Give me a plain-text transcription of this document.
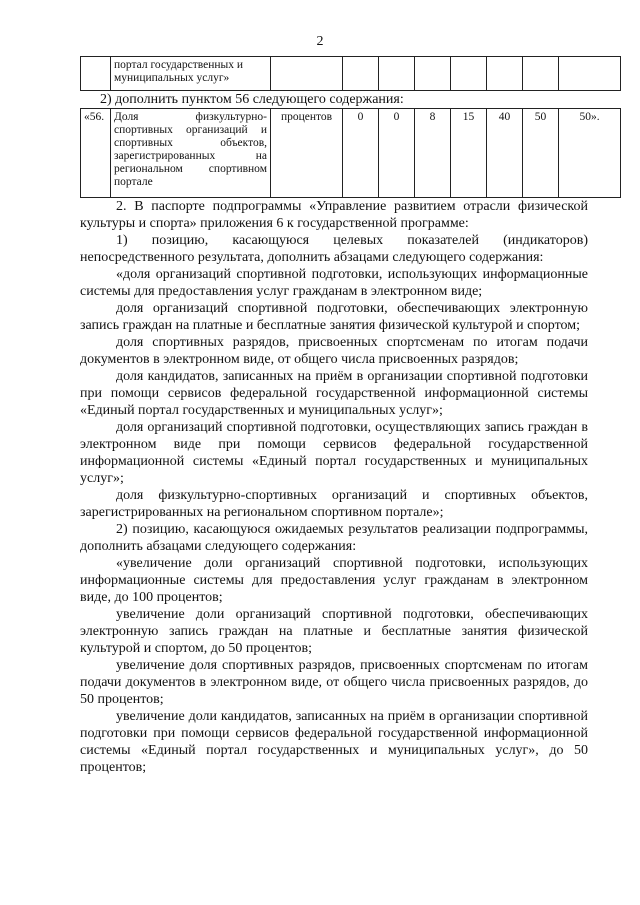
2
	портал государственных и муниципальных услуг»								
2) дополнить пунктом 56 следующего содержания:
«56.	Доля физкультурно-спортивных организаций и спортивных объектов, зарегистрированных на региональном спортивном портале	процентов	0	0	8	15	40	50	50».

2. В паспорте подпрограммы «Управление развитием отрасли физической культуры и спорта» приложения 6 к государственной программе:

1) позицию, касающуюся целевых показателей (индикаторов) непосредственного результата, дополнить абзацами следующего содержания:

«доля организаций спортивной подготовки, использующих информационные системы для предоставления услуг гражданам в электронном виде;

доля организаций спортивной подготовки, обеспечивающих электронную запись граждан на платные и бесплатные занятия физической культурой и спортом;

доля спортивных разрядов, присвоенных спортсменам по итогам подачи документов в электронном виде, от общего числа присвоенных разрядов;

доля кандидатов, записанных на приём в организации спортивной подготовки при помощи сервисов федеральной государственной информационной системы «Единый портал государственных и муниципальных услуг»;

доля организаций спортивной подготовки, осуществляющих запись граждан в электронном виде при помощи сервисов федеральной государственной информационной системы «Единый портал государственных и муниципальных услуг»;

доля физкультурно-спортивных организаций и спортивных объектов, зарегистрированных на региональном спортивном портале»;

2) позицию, касающуюся ожидаемых результатов реализации подпрограммы, дополнить абзацами следующего содержания:

«увеличение доли организаций спортивной подготовки, использующих информационные системы для предоставления услуг гражданам в электронном виде, до 100 процентов;

увеличение доли организаций спортивной подготовки, обеспечивающих электронную запись граждан на платные и бесплатные занятия физической культурой и спортом, до 50 процентов;

увеличение доля спортивных разрядов, присвоенных спортсменам по итогам подачи документов в электронном виде, от общего числа присвоенных разрядов, до 50 процентов;

увеличение доли кандидатов, записанных на приём в организации спортивной подготовки при помощи сервисов федеральной государственной информационной системы «Единый портал государственных и муниципальных услуг», до 50 процентов;
